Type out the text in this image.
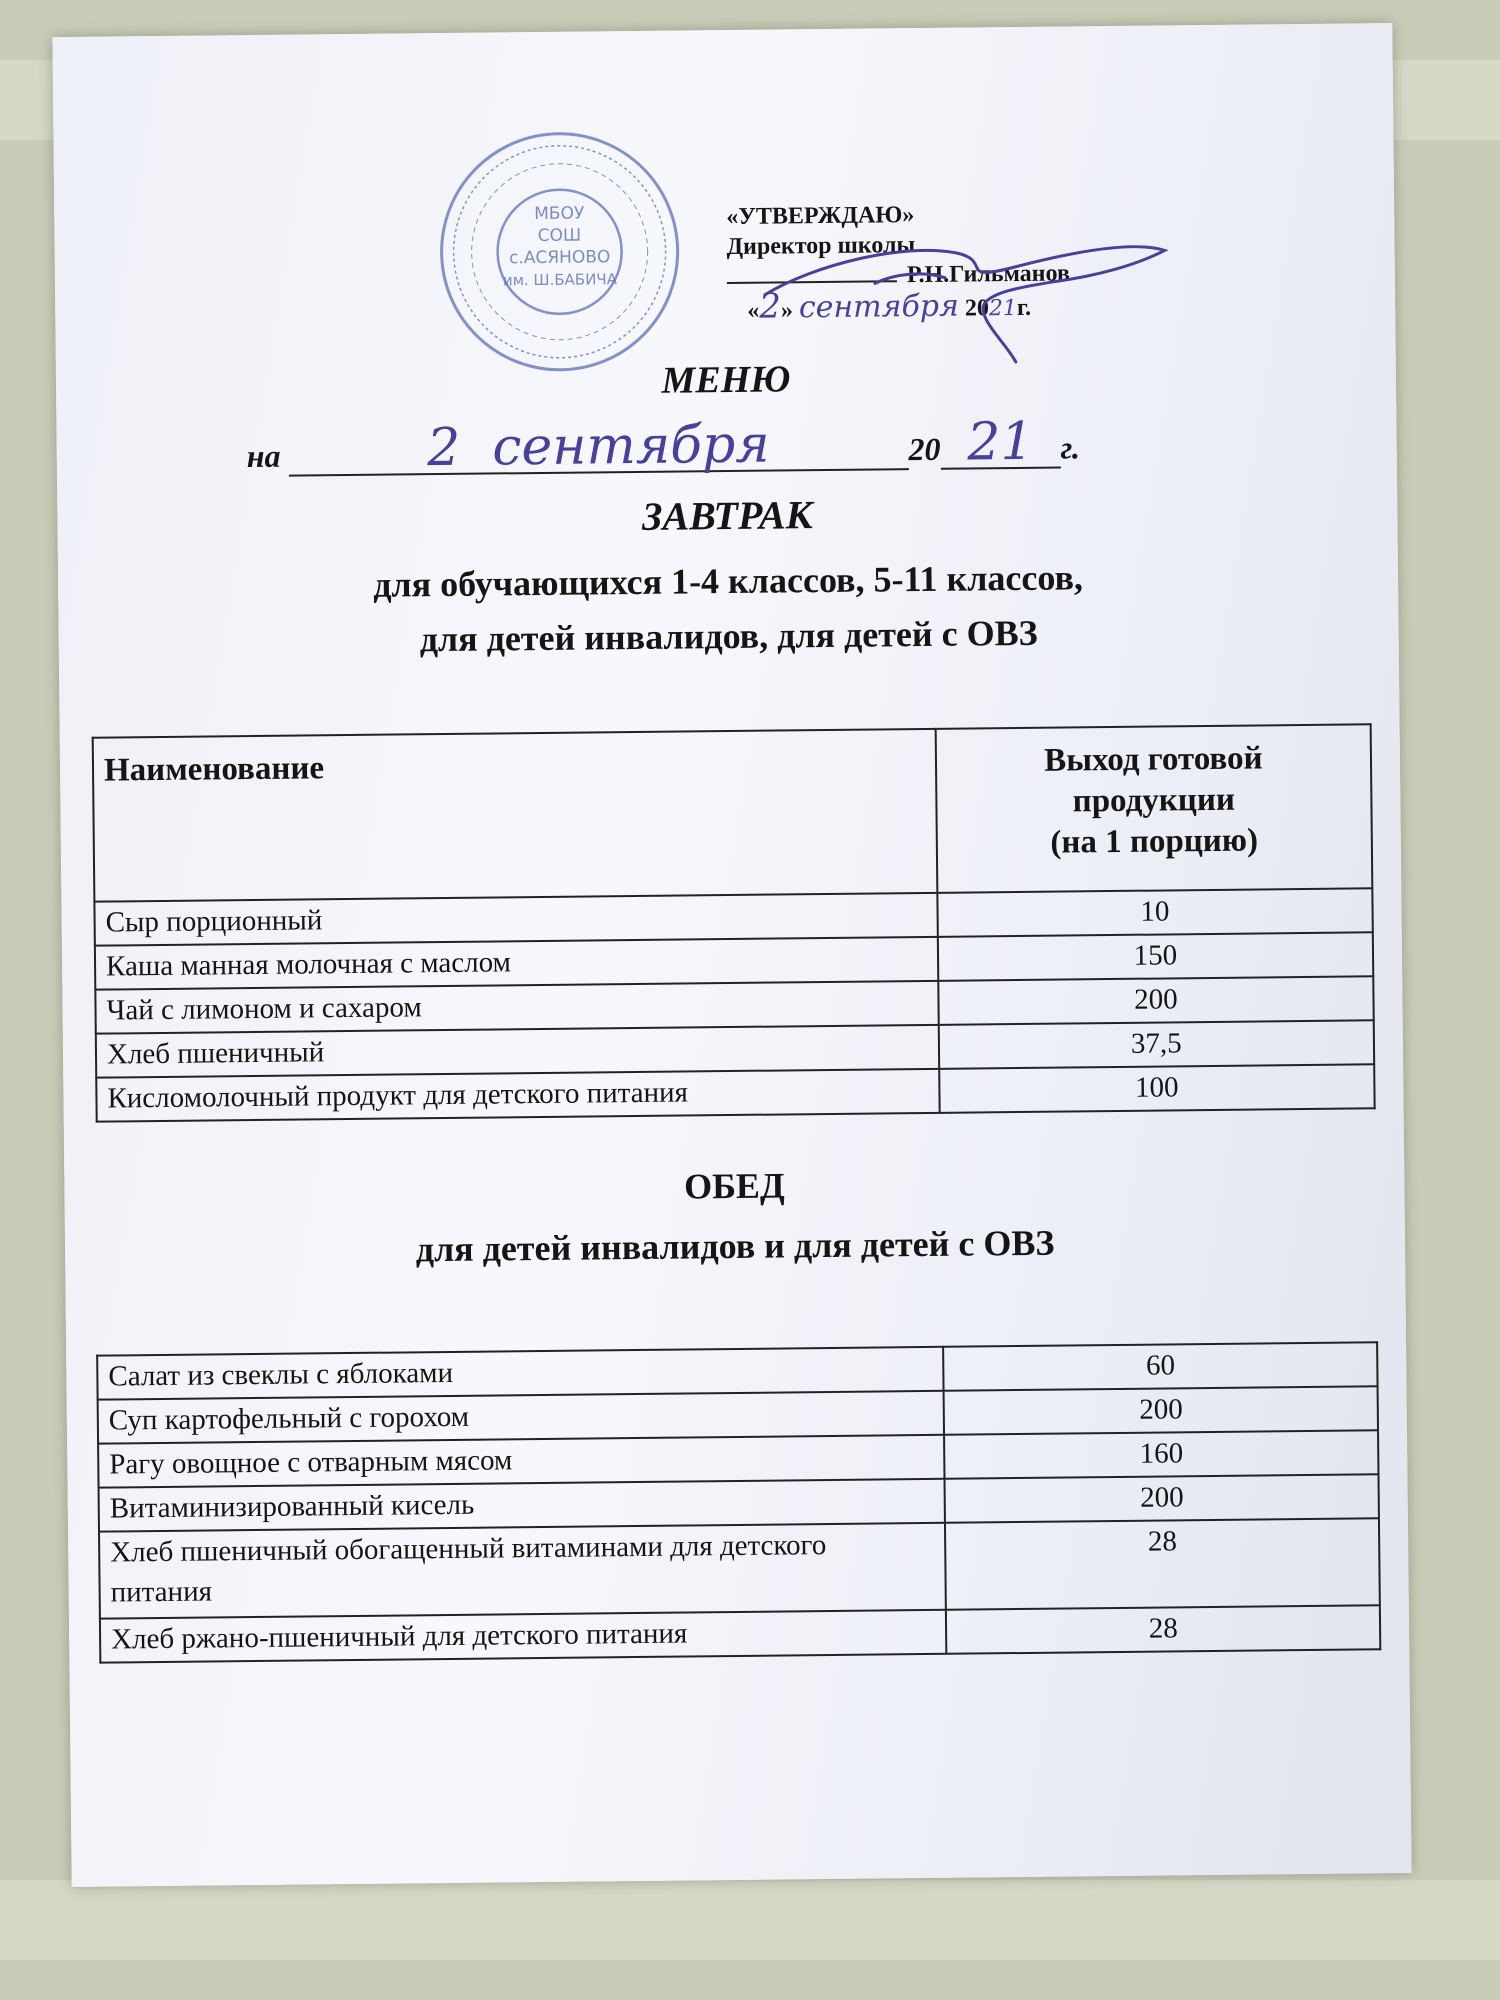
МБОУ
СОШ
с.АСЯНОВО
им. Ш.БАБИЧА
«УТВЕРЖДАЮ»
Директор школы
Р.Н.Гильманов
«2» сентября 2021г.
МЕНЮ
на	2 сентября	20 21 г.
ЗАВТРАК
для обучающихся 1-4 классов, 5-11 классов,
для детей инвалидов, для детей с ОВЗ
Наименование	Выход готовой
продукции
(на 1 порцию)
Сыр порционный	10
Каша манная молочная с маслом	150
Чай с лимоном и сахаром	200
Хлеб пшеничный	37,5
Кисломолочный продукт для детского питания	100
ОБЕД
для детей инвалидов и для детей с ОВЗ
Салат из свеклы с яблоками	60
Суп картофельный с горохом	200
Рагу овощное с отварным мясом	160
Витаминизированный кисель	200
Хлеб пшеничный обогащенный витаминами для детского питания	28
Хлеб ржано-пшеничный для детского питания	28
